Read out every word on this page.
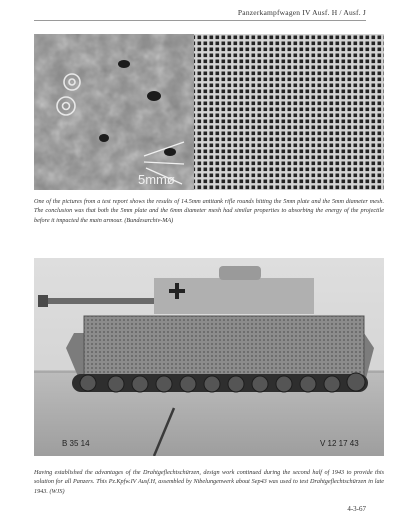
Panzerkampfwagen IV Ausf. H / Ausf. J
5mmø
One of the pictures from a test report shows the results of 14.5mm antitank rifle rounds hitting the 5mm plate and the 5mm diameter mesh. The conclusion was that both the 5mm plate and the 6mm diameter mesh had similar properties to absorbing the energy of the projectile before it impacted the main armour. (Bundesarchiv-MA)
B 35 14	V 12 17 43
Having established the advantages of the Drahtgeflechtschürzen, design work continued during the second half of 1943 to provide this solution for all Panzers. This Pz.Kpfw.IV Ausf.H, assembled by Nibelungenwerk about Sep43 was used to test Drahtgeflechtschürzen in late 1943. (WJS)
4-3-67
